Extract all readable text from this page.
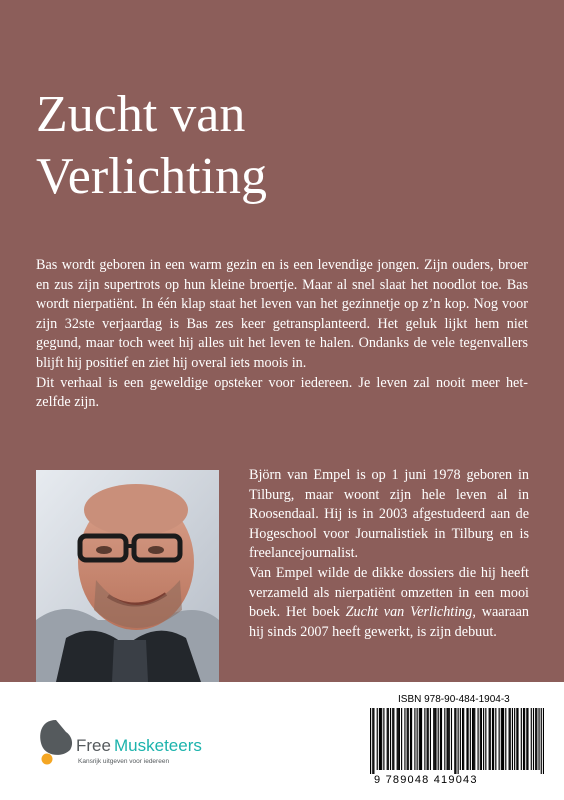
Zucht van
Verlichting

Bas wordt geboren in een warm gezin en is een levendige jongen. Zijn ouders, broer en zus zijn supertrots op hun kleine broertje. Maar al snel slaat het noodlot toe. Bas wordt nierpatiënt. In één klap staat het leven van het gezinnetje op z’n kop. Nog voor zijn 32ste verjaardag is Bas zes keer getransplanteerd. Het geluk lijkt hem niet gegund, maar toch weet hij alles uit het leven te halen. Ondanks de vele tegenvallers blijft hij positief en ziet hij overal iets moois in.

Dit verhaal is een geweldige opsteker voor iedereen. Je leven zal nooit meer het-zelfde zijn.

Björn van Empel is op 1 juni 1978 geboren in Tilburg, maar woont zijn hele leven al in Roosendaal. Hij is in 2003 afgestudeerd aan de Hogeschool voor Journalistiek in Tilburg en is freelancejournalist.

Van Empel wilde de dikke dossiers die hij heeft verzameld als nierpatiënt omzetten in een mooi boek. Het boek Zucht van Verlichting, waaraan hij sinds 2007 heeft gewerkt, is zijn debuut.

Free Musketeers
Kansrijk uitgeven voor iedereen
ISBN 978-90-484-1904-3
9 789048 419043
